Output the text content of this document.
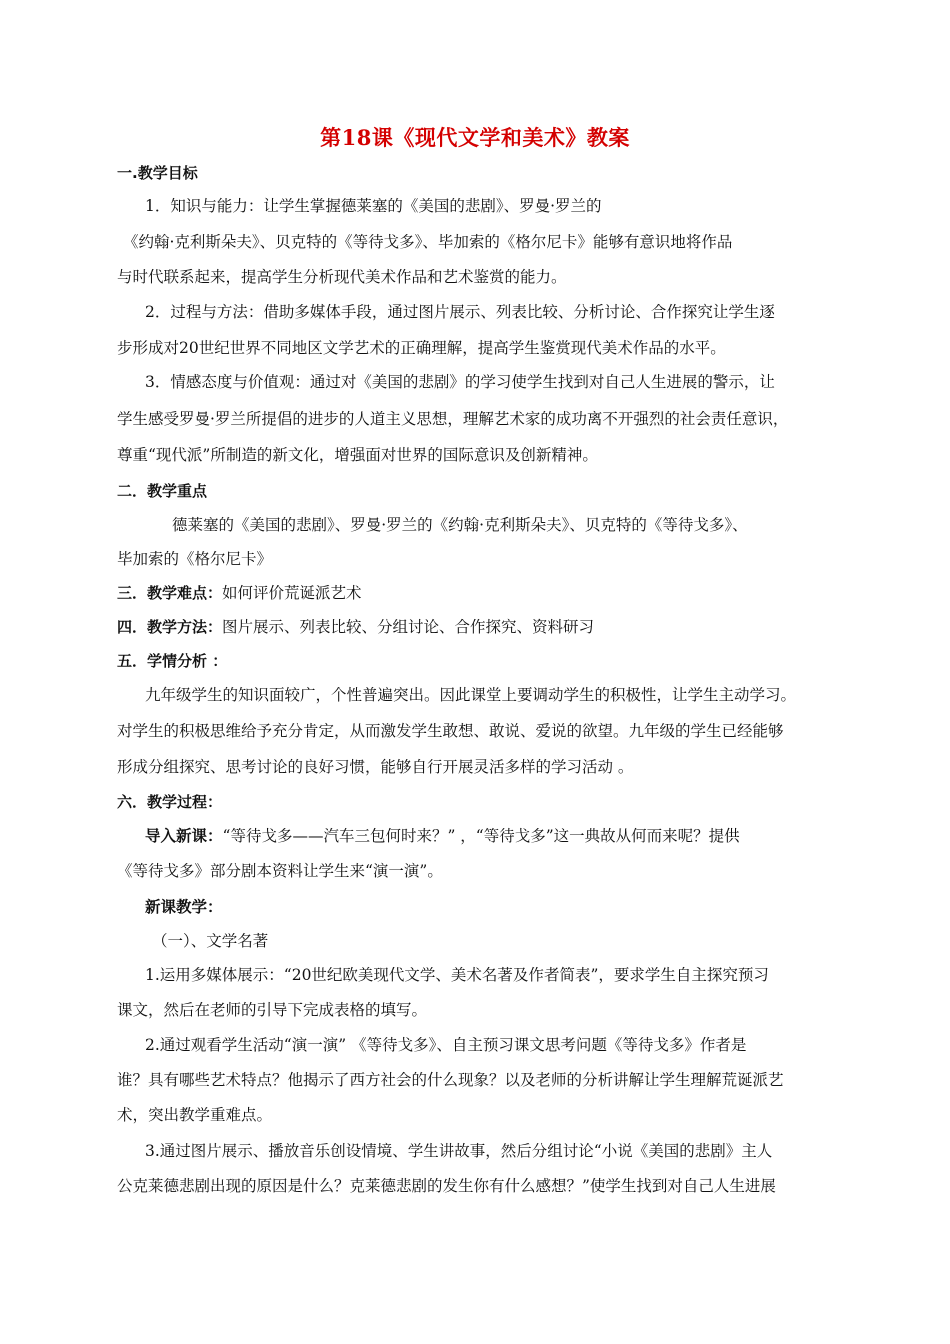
第18课《现代文学和美术》教案
一.教学目标
1．知识与能力：让学生掌握德莱塞的《美国的悲剧》、罗曼·罗兰的
《约翰·克利斯朵夫》、贝克特的《等待戈多》、毕加索的《格尔尼卡》能够有意识地将作品
与时代联系起来，提高学生分析现代美术作品和艺术鉴赏的能力。
2．过程与方法：借助多媒体手段，通过图片展示、列表比较、分析讨论、合作探究让学生逐
步形成对20世纪世界不同地区文学艺术的正确理解，提高学生鉴赏现代美术作品的水平。
3．情感态度与价值观：通过对《美国的悲剧》的学习使学生找到对自己人生进展的警示，让
学生感受罗曼·罗兰所提倡的进步的人道主义思想，理解艺术家的成功离不开强烈的社会责任意识，
尊重“现代派”所制造的新文化，增强面对世界的国际意识及创新精神。
二．教学重点
德莱塞的《美国的悲剧》、罗曼·罗兰的《约翰·克利斯朵夫》、贝克特的《等待戈多》、
毕加索的《格尔尼卡》
三．教学难点：如何评价荒诞派艺术
四．教学方法：图片展示、列表比较、分组讨论、合作探究、资料研习
五．学情分析 ：
九年级学生的知识面较广，个性普遍突出。因此课堂上要调动学生的积极性，让学生主动学习。
对学生的积极思维给予充分肯定，从而激发学生敢想、敢说、爱说的欲望。九年级的学生已经能够
形成分组探究、思考讨论的良好习惯，能够自行开展灵活多样的学习活动 。
六．教学过程：
导入新课：“等待戈多——汽车三包何时来？” ，“等待戈多”这一典故从何而来呢？提供
《等待戈多》部分剧本资料让学生来“演一演”。
新课教学：
（一）、文学名著
1.运用多媒体展示：“20世纪欧美现代文学、美术名著及作者简表”，要求学生自主探究预习
课文，然后在老师的引导下完成表格的填写。
2.通过观看学生活动“演一演” 《等待戈多》、自主预习课文思考问题《等待戈多》作者是
谁？具有哪些艺术特点？他揭示了西方社会的什么现象？以及老师的分析讲解让学生理解荒诞派艺
术，突出教学重难点。
3.通过图片展示、播放音乐创设情境、学生讲故事，然后分组讨论“小说《美国的悲剧》主人
公克莱德悲剧出现的原因是什么？克莱德悲剧的发生你有什么感想？”使学生找到对自己人生进展
